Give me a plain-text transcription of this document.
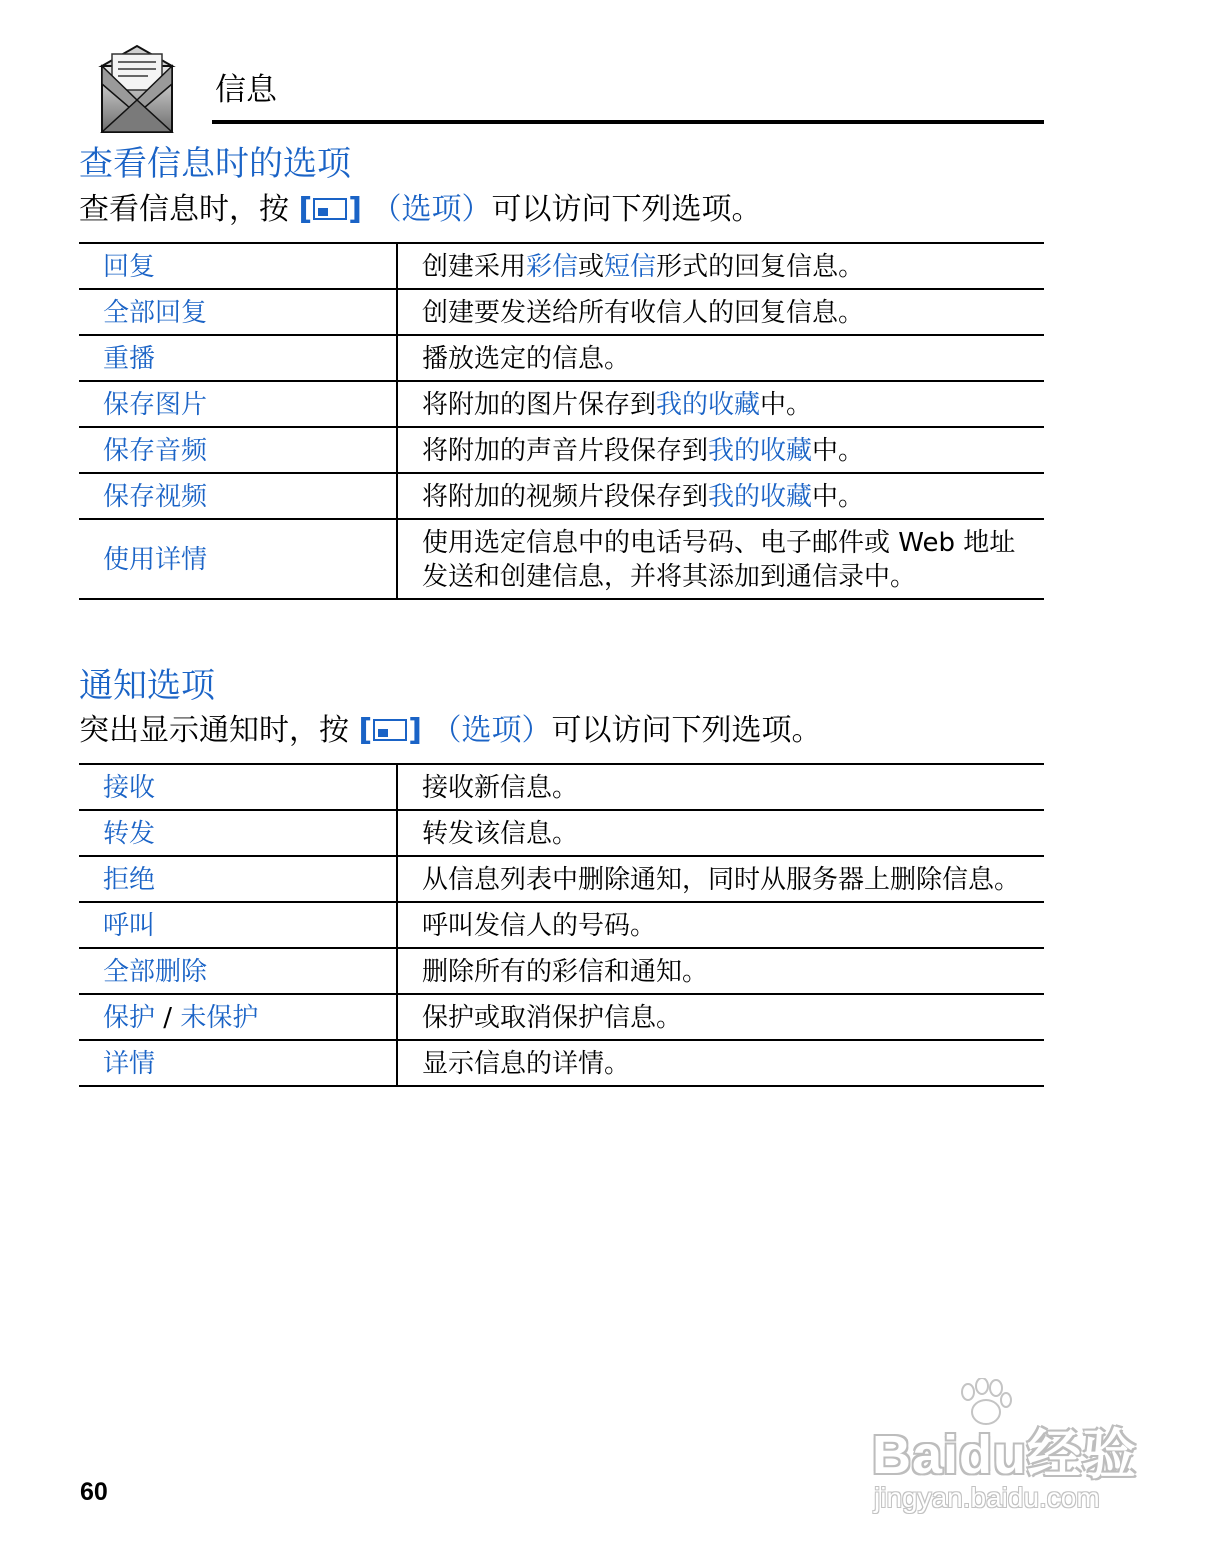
信息
查看信息时的选项
查看信息时，按 [ ] （选项）可以访问下列选项。
回复	创建采用彩信或短信形式的回复信息。
全部回复	创建要发送给所有收信人的回复信息。
重播	播放选定的信息。
保存图片	将附加的图片保存到我的收藏中。
保存音频	将附加的声音片段保存到我的收藏中。
保存视频	将附加的视频片段保存到我的收藏中。
使用详情	使用选定信息中的电话号码、电子邮件或 Web 地址发送和创建信息，并将其添加到通信录中。
通知选项
突出显示通知时，按 [ ] （选项）可以访问下列选项。
接收	接收新信息。
转发	转发该信息。
拒绝	从信息列表中删除通知，同时从服务器上删除信息。
呼叫	呼叫发信人的号码。
全部删除	删除所有的彩信和通知。
保护 / 未保护	保护或取消保护信息。
详情	显示信息的详情。
60
Baidu经验
jingyan.baidu.com
